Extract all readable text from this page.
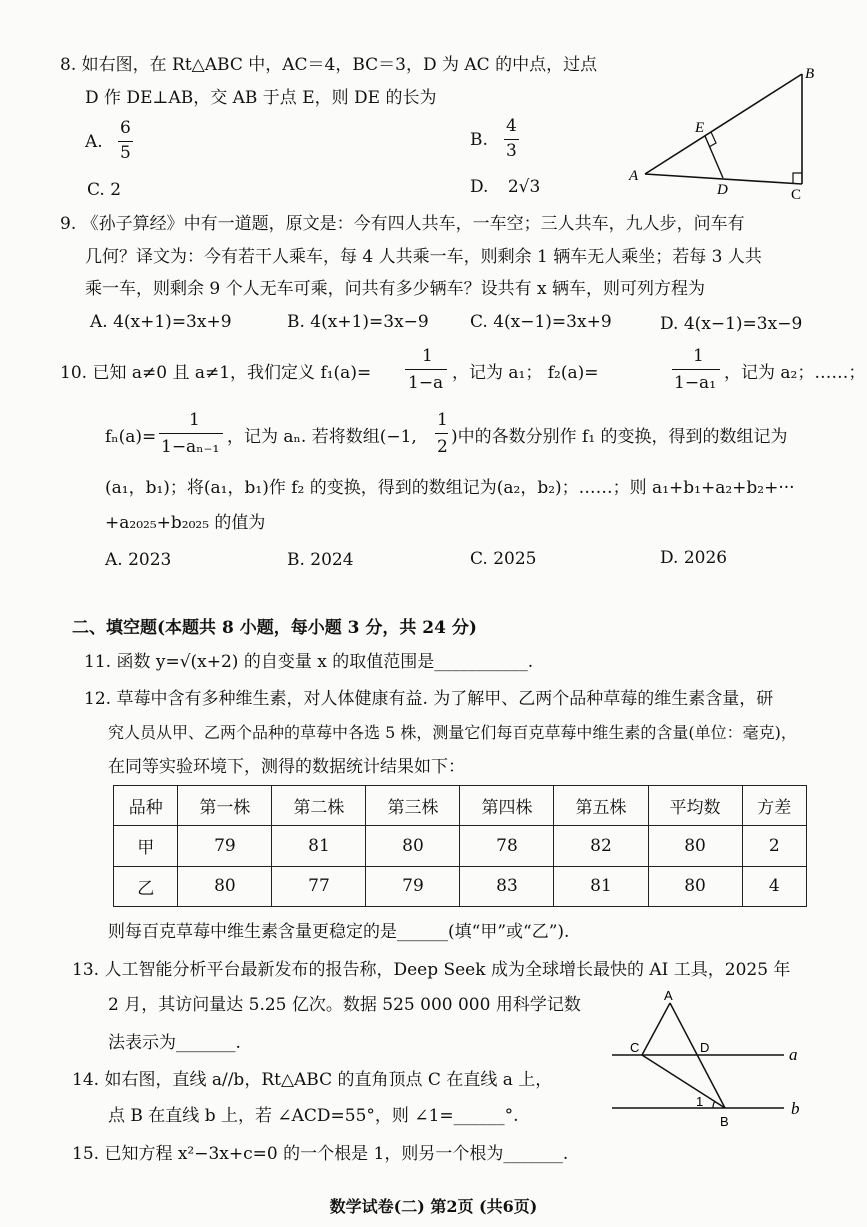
8. 如右图，在 Rt△ABC 中，AC＝4，BC＝3，D 为 AC 的中点，过点
D 作 DE⊥AB，交 AB 于点 E，则 DE 的长为
A.
6
5
B.
4
3
C. 2	D. 2√3
A
B
C
D
E
9. 《孙子算经》中有一道题，原文是：今有四人共车，一车空；三人共车，九人步，问车有
几何？译文为：今有若干人乘车，每 4 人共乘一车，则剩余 1 辆车无人乘坐；若每 3 人共
乘一车，则剩余 9 个人无车可乘，问共有多少辆车？设共有 x 辆车，则可列方程为
A. 4(x+1)=3x+9	B. 4(x+1)=3x−9 C. 4(x−1)=3x+9	D. 4(x−1)=3x−9
10. 已知 a≠0 且 a≠1，我们定义 f₁(a)=
1
1−a ，记为 a₁； f₂(a)=
1
1−a₁ ，记为 a₂；……；
fₙ(a)=
1
1−aₙ₋₁ ，记为 aₙ. 若将数组(−1,
1
2 )中的各数分别作 f₁ 的变换，得到的数组记为
(a₁，b₁)；将(a₁，b₁)作 f₂ 的变换，得到的数组记为(a₂，b₂)；……；则 a₁+b₁+a₂+b₂+···
+a₂₀₂₅+b₂₀₂₅ 的值为
A. 2023	B. 2024	C. 2025	D. 2026
二、填空题(本题共 8 小题，每小题 3 分，共 24 分)
11. 函数 y=√(x+2) 的自变量 x 的取值范围是___________.
12. 草莓中含有多种维生素，对人体健康有益. 为了解甲、乙两个品种草莓的维生素含量，研
究人员从甲、乙两个品种的草莓中各选 5 株，测量它们每百克草莓中维生素的含量(单位：毫克)，
在同等实验环境下，测得的数据统计结果如下：
品种	第一株	第二株	第三株	第四株	第五株	平均数	方差
甲	79	81	80	78	82	80	2
乙	80	77	79	83	81	80	4
则每百克草莓中维生素含量更稳定的是______(填“甲”或“乙”).
13. 人工智能分析平台最新发布的报告称，Deep Seek 成为全球增长最快的 AI 工具，2025 年
2 月，其访问量达 5.25 亿次。数据 525 000 000 用科学记数
法表示为_______.
14. 如右图，直线 a//b，Rt△ABC 的直角顶点 C 在直线 a 上，
点 B 在直线 b 上，若 ∠ACD=55°，则 ∠1=______°.
A
C	D
B
a
b
1
15. 已知方程 x²−3x+c=0 的一个根是 1，则另一个根为_______.
数学试卷(二) 第2页 (共6页)
